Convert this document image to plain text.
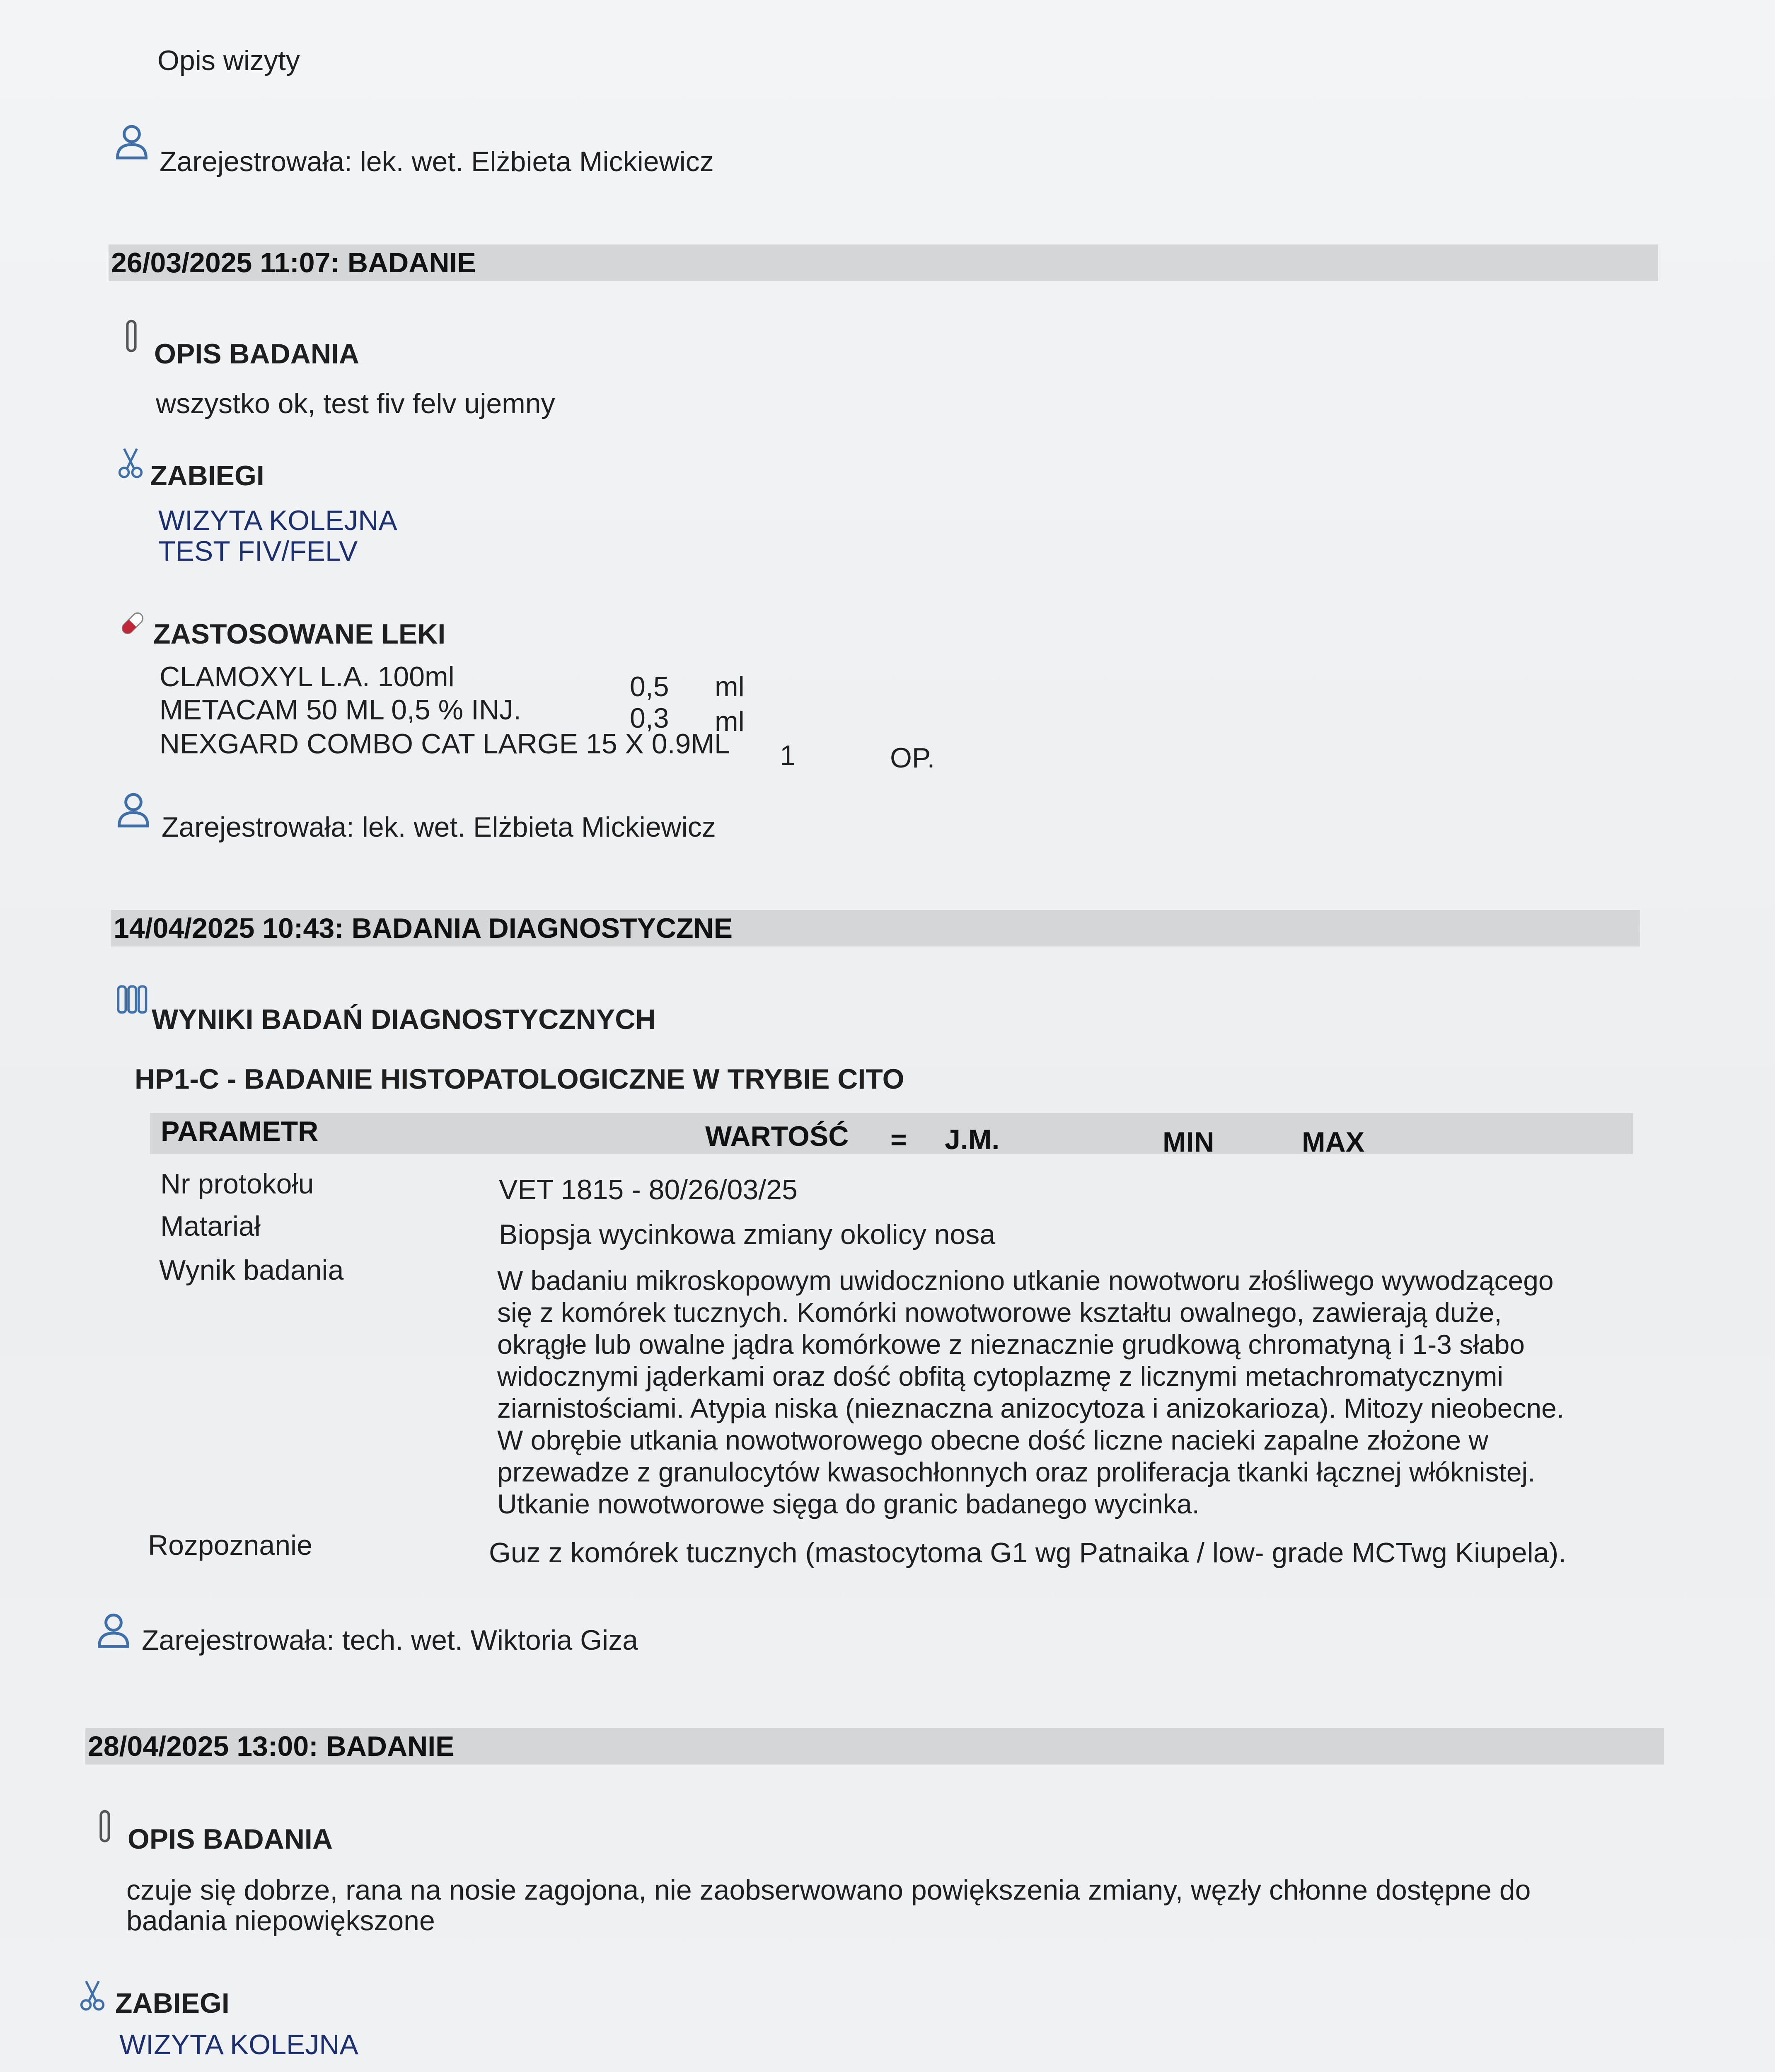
Opis wizyty
Zarejestrowała: lek. wet. Elżbieta Mickiewicz
26/03/2025 11:07: BADANIE
OPIS BADANIA
wszystko ok, test fiv felv ujemny
ZABIEGI
WIZYTA KOLEJNA
TEST FIV/FELV
ZASTOSOWANE LEKI
CLAMOXYL L.A. 100ml	0,5 ml
METACAM 50 ML 0,5 % INJ.	0,3 ml
NEXGARD COMBO CAT LARGE 15 X 0.9ML 1	OP.
Zarejestrowała: lek. wet. Elżbieta Mickiewicz
14/04/2025 10:43: BADANIA DIAGNOSTYCZNE
WYNIKI BADAŃ DIAGNOSTYCZNYCH
HP1-C - BADANIE HISTOPATOLOGICZNE W TRYBIE CITO
PARAMETR	WARTOŚĆ = J.M.	MIN	MAX
Nr protokołu	VET 1815 - 80/26/03/25
Matariał	Biopsja wycinkowa zmiany okolicy nosa
Wynik badania	W badaniu mikroskopowym uwidoczniono utkanie nowotworu złośliwego wywodzącego
się z komórek tucznych. Komórki nowotworowe kształtu owalnego, zawierają duże,
okrągłe lub owalne jądra komórkowe z nieznacznie grudkową chromatyną i 1-3 słabo
widocznymi jąderkami oraz dość obfitą cytoplazmę z licznymi metachromatycznymi
ziarnistościami. Atypia niska (nieznaczna anizocytoza i anizokarioza). Mitozy nieobecne.
W obrębie utkania nowotworowego obecne dość liczne nacieki zapalne złożone w
przewadze z granulocytów kwasochłonnych oraz proliferacja tkanki łącznej włóknistej.
Utkanie nowotworowe sięga do granic badanego wycinka.
Rozpoznanie	Guz z komórek tucznych (mastocytoma G1 wg Patnaika / low- grade MCTwg Kiupela).
Zarejestrowała: tech. wet. Wiktoria Giza
28/04/2025 13:00: BADANIE
OPIS BADANIA
czuje się dobrze, rana na nosie zagojona, nie zaobserwowano powiększenia zmiany, węzły chłonne dostępne do
badania niepowiększone
ZABIEGI
WIZYTA KOLEJNA
